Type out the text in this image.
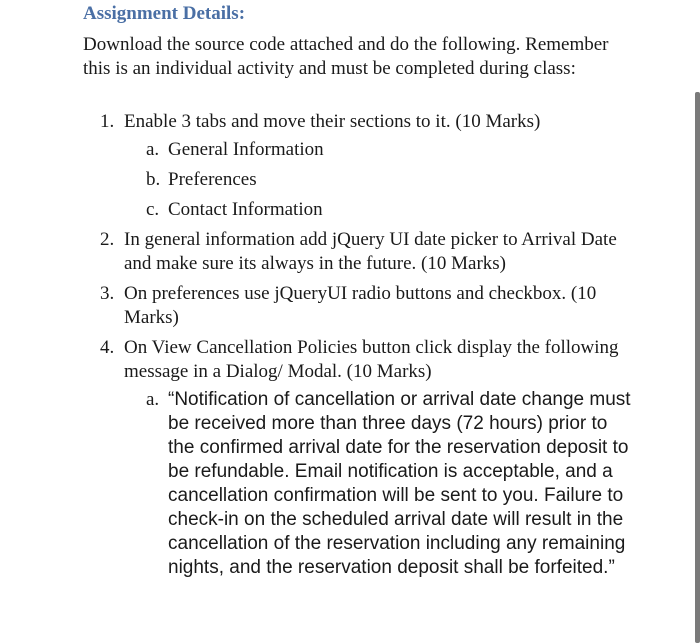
Assignment Details:

Download the source code attached and do the following. Remember this is an individual activity and must be completed during class:

1. Enable 3 tabs and move their sections to it. (10 Marks)
a. General Information
b. Preferences
c. Contact Information
2. In general information add jQuery UI date picker to Arrival Date and make sure its always in the future. (10 Marks)
3. On preferences use jQueryUI radio buttons and checkbox. (10 Marks)
4. On View Cancellation Policies button click display the following message in a Dialog/ Modal. (10 Marks)
a. “Notification of cancellation or arrival date change must be received more than three days (72 hours) prior to the confirmed arrival date for the reservation deposit to be refundable. Email notification is acceptable, and a cancellation confirmation will be sent to you. Failure to check-in on the scheduled arrival date will result in the cancellation of the reservation including any remaining nights, and the reservation deposit shall be forfeited.”
